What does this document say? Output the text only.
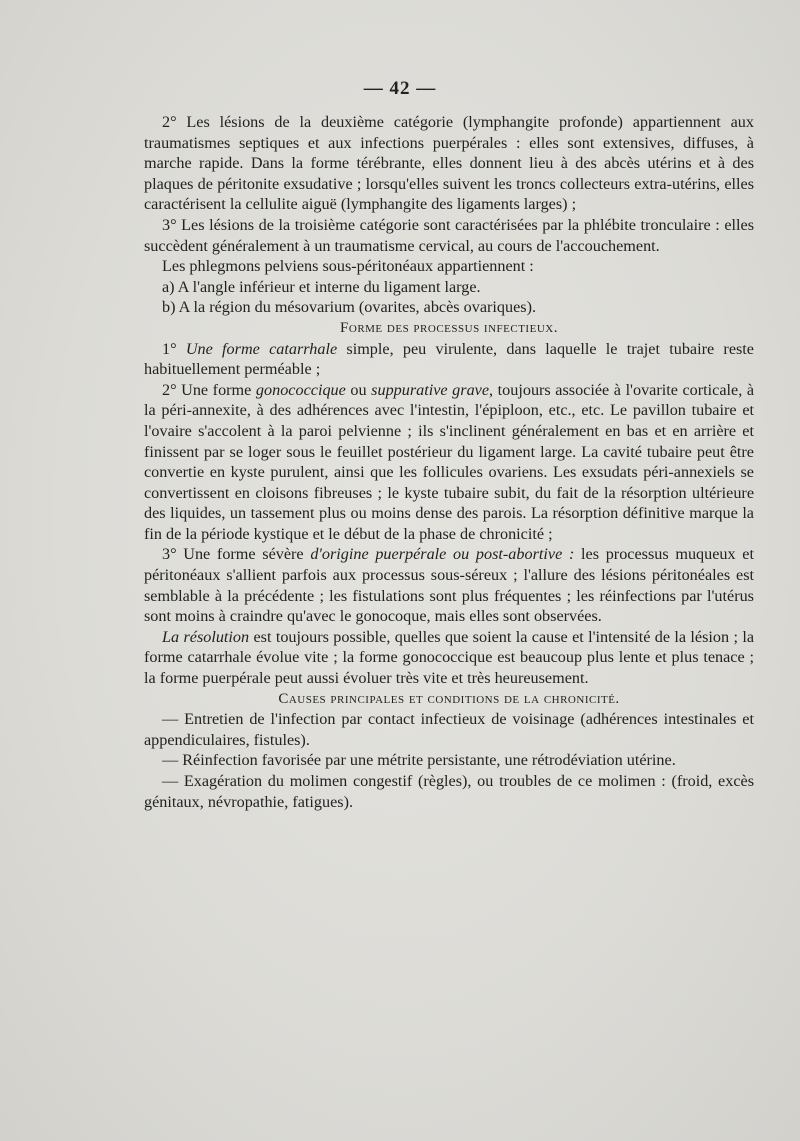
— 42 —

2° Les lésions de la deuxième catégorie (lymphangite profonde) appartiennent aux traumatismes septiques et aux infections puerpérales : elles sont extensives, diffuses, à marche rapide. Dans la forme térébrante, elles donnent lieu à des abcès utérins et à des plaques de péritonite exsudative ; lorsqu'elles suivent les troncs collecteurs extra-utérins, elles caractérisent la cellulite aiguë (lymphangite des ligaments larges) ;

3° Les lésions de la troisième catégorie sont caractérisées par la phlébite tronculaire : elles succèdent généralement à un traumatisme cervical, au cours de l'accouchement.

Les phlegmons pelviens sous-péritonéaux appartiennent :

a) A l'angle inférieur et interne du ligament large.

b) A la région du mésovarium (ovarites, abcès ovariques).

Forme des processus infectieux.

1° Une forme catarrhale simple, peu virulente, dans laquelle le trajet tubaire reste habituellement perméable ;

2° Une forme gonococcique ou suppurative grave, toujours associée à l'ovarite corticale, à la péri-annexite, à des adhérences avec l'intestin, l'épiploon, etc., etc. Le pavillon tubaire et l'ovaire s'accolent à la paroi pelvienne ; ils s'inclinent généralement en bas et en arrière et finissent par se loger sous le feuillet postérieur du ligament large. La cavité tubaire peut être convertie en kyste purulent, ainsi que les follicules ovariens. Les exsudats péri-annexiels se convertissent en cloisons fibreuses ; le kyste tubaire subit, du fait de la résorption ultérieure des liquides, un tassement plus ou moins dense des parois. La résorption définitive marque la fin de la période kystique et le début de la phase de chronicité ;

3° Une forme sévère d'origine puerpérale ou post-abortive : les processus muqueux et péritonéaux s'allient parfois aux processus sous-séreux ; l'allure des lésions péritonéales est semblable à la précédente ; les fistulations sont plus fréquentes ; les réinfections par l'utérus sont moins à craindre qu'avec le gonocoque, mais elles sont observées.

La résolution est toujours possible, quelles que soient la cause et l'intensité de la lésion ; la forme catarrhale évolue vite ; la forme gonococcique est beaucoup plus lente et plus tenace ; la forme puerpérale peut aussi évoluer très vite et très heureusement.

Causes principales et conditions de la chronicité.

— Entretien de l'infection par contact infectieux de voisinage (adhérences intestinales et appendiculaires, fistules).

— Réinfection favorisée par une métrite persistante, une rétrodéviation utérine.

— Exagération du molimen congestif (règles), ou troubles de ce molimen : (froid, excès génitaux, névropathie, fatigues).
